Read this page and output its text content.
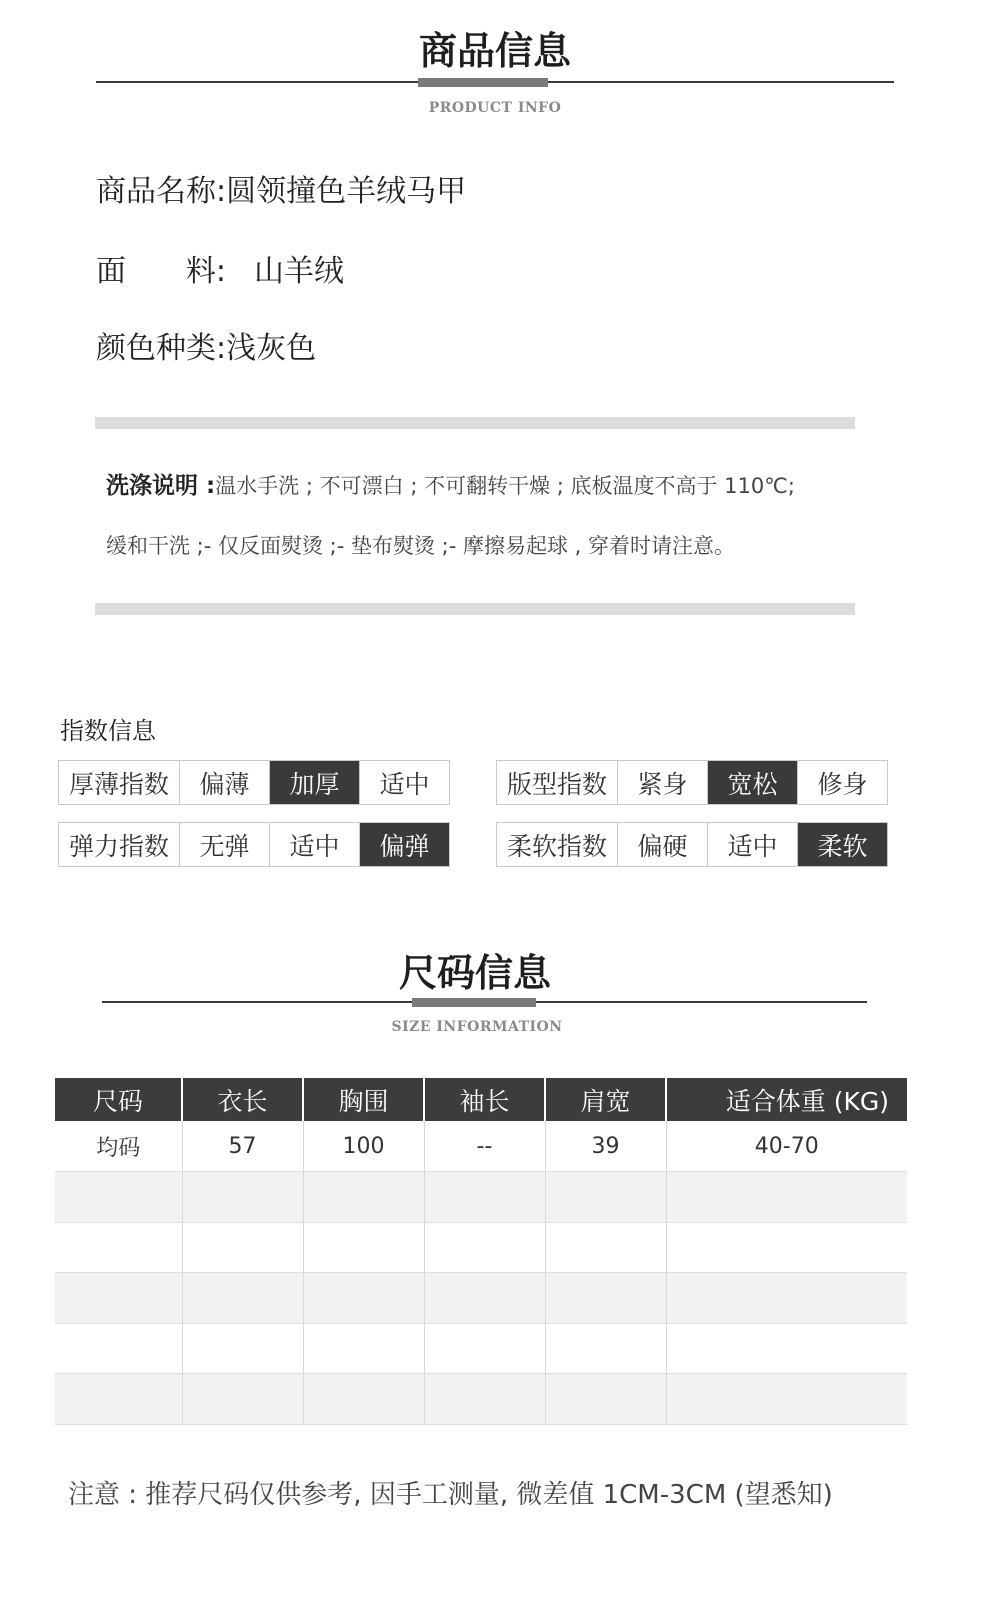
商品信息
PRODUCT INFO
商品名称:圆领撞色羊绒马甲
面 料: 山羊绒
颜色种类:浅灰色
洗涤说明 :温水手洗 ; 不可漂白 ; 不可翻转干燥 ; 底板温度不高于 110℃;
缓和干洗 ;- 仅反面熨烫 ;- 垫布熨烫 ;- 摩擦易起球 , 穿着时请注意。
指数信息
厚薄指数	偏薄	加厚	适中	版型指数	紧身	宽松	修身
弹力指数	无弹	适中	偏弹	柔软指数	偏硬	适中	柔软
尺码信息
SIZE INFORMATION
尺码	衣长	胸围	袖长	肩宽	适合体重 (KG)
均码	57	100	--	39	40-70

注意 : 推荐尺码仅供参考, 因手工测量, 微差值 1CM-3CM (望悉知)
